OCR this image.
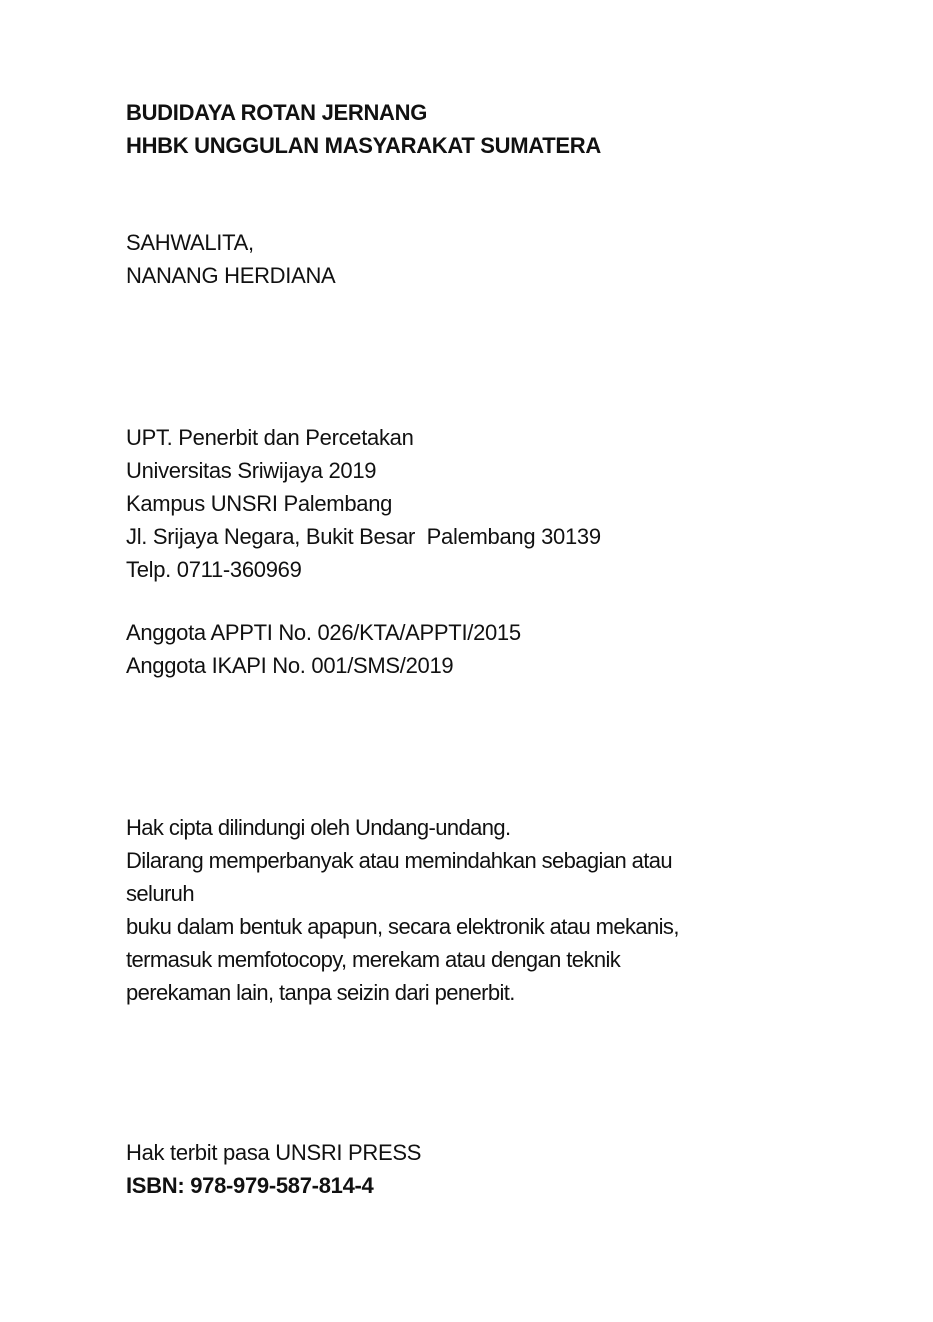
BUDIDAYA ROTAN JERNANG
HHBK UNGGULAN MASYARAKAT SUMATERA
SAHWALITA,
NANANG HERDIANA
UPT. Penerbit dan Percetakan
Universitas Sriwijaya 2019
Kampus UNSRI Palembang
Jl. Srijaya Negara, Bukit Besar  Palembang 30139
Telp. 0711-360969
Anggota APPTI No. 026/KTA/APPTI/2015
Anggota IKAPI No. 001/SMS/2019
Hak cipta dilindungi oleh Undang-undang.
Dilarang memperbanyak atau memindahkan sebagian atau
seluruh
buku dalam bentuk apapun, secara elektronik atau mekanis,
termasuk memfotocopy, merekam atau dengan teknik
perekaman lain, tanpa seizin dari penerbit.
Hak terbit pasa UNSRI PRESS
ISBN: 978-979-587-814-4
